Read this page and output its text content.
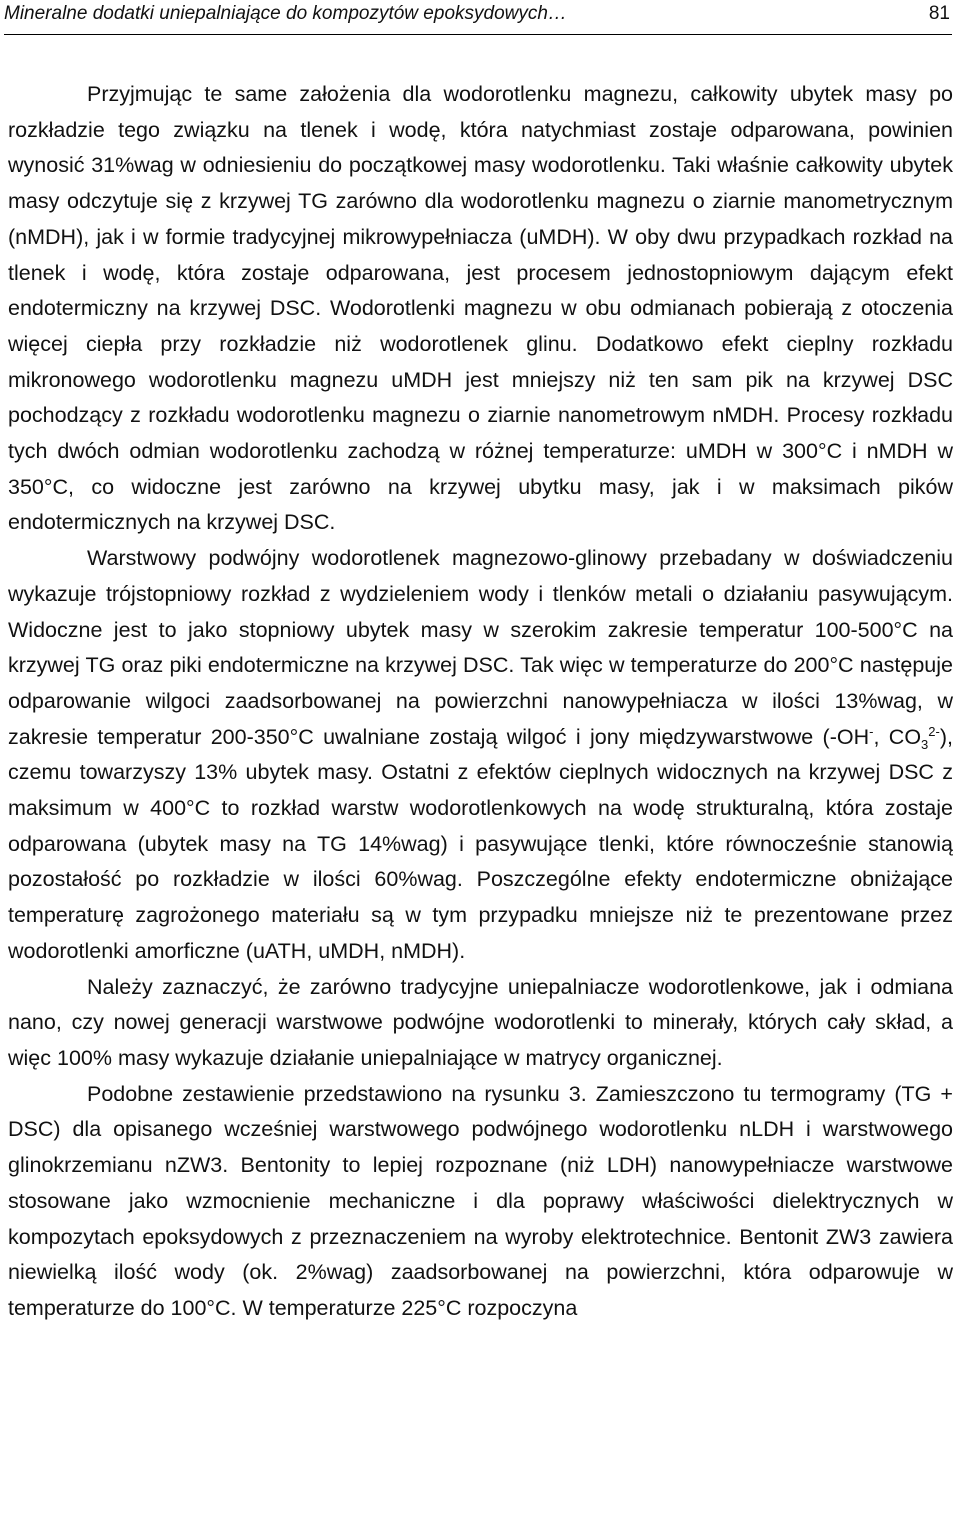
Mineralne dodatki uniepalniające do kompozytów epoksydowych…	81

Przyjmując te same założenia dla wodorotlenku magnezu, całkowity ubytek masy po rozkładzie tego związku na tlenek i wodę, która natychmiast zostaje odparowana, powinien wynosić 31%wag w odniesieniu do początkowej masy wodorotlenku. Taki właśnie całkowity ubytek masy odczytuje się z krzywej TG zarówno dla wodorotlenku magnezu o ziarnie manometrycznym (nMDH), jak i w formie tradycyjnej mikrowypełniacza (uMDH). W oby dwu przypadkach rozkład na tlenek i wodę, która zostaje odparowana, jest procesem jednostopniowym dającym efekt endotermiczny na krzywej DSC. Wodorotlenki magnezu w obu odmianach pobierają z otoczenia więcej ciepła przy rozkładzie niż wodorotlenek glinu. Dodatkowo efekt cieplny rozkładu mikronowego wodorotlenku magnezu uMDH jest mniejszy niż ten sam pik na krzywej DSC pochodzący z rozkładu wodorotlenku magnezu o ziarnie nanometrowym nMDH. Procesy rozkładu tych dwóch odmian wodorotlenku zachodzą w różnej temperaturze: uMDH w 300°C i nMDH w 350°C, co widoczne jest zarówno na krzywej ubytku masy, jak i w maksimach pików endotermicznych na krzywej DSC.

Warstwowy podwójny wodorotlenek magnezowo-glinowy przebadany w doświadczeniu wykazuje trójstopniowy rozkład z wydzieleniem wody i tlenków metali o działaniu pasywującym. Widoczne jest to jako stopniowy ubytek masy w szerokim zakresie temperatur 100-500°C na krzywej TG oraz piki endotermiczne na krzywej DSC. Tak więc w temperaturze do 200°C następuje odparowanie wilgoci zaadsorbowanej na powierzchni nanowypełniacza w ilości 13%wag, w zakresie temperatur 200-350°C uwalniane zostają wilgoć i jony międzywarstwowe (-OH-, $CO_3^{2-}$), czemu towarzyszy 13% ubytek masy. Ostatni z efektów cieplnych widocznych na krzywej DSC z maksimum w 400°C to rozkład warstw wodorotlenkowych na wodę strukturalną, która zostaje odparowana (ubytek masy na TG 14%wag) i pasywujące tlenki, które równocześnie stanowią pozostałość po rozkładzie w ilości 60%wag. Poszczególne efekty endotermiczne obniżające temperaturę zagrożonego materiału są w tym przypadku mniejsze niż te prezentowane przez wodorotlenki amorficzne (uATH, uMDH, nMDH).

Należy zaznaczyć, że zarówno tradycyjne uniepalniacze wodorotlenkowe, jak i odmiana nano, czy nowej generacji warstwowe podwójne wodorotlenki to minerały, których cały skład, a więc 100% masy wykazuje działanie uniepalniające w matrycy organicznej.

Podobne zestawienie przedstawiono na rysunku 3. Zamieszczono tu termogramy (TG + DSC) dla opisanego wcześniej warstwowego podwójnego wodorotlenku nLDH i warstwowego glinokrzemianu nZW3. Bentonity to lepiej rozpoznane (niż LDH) nanowypełniacze warstwowe stosowane jako wzmocnienie mechaniczne i dla poprawy właściwości dielektrycznych w kompozytach epoksydowych z przeznaczeniem na wyroby elektrotechnice. Bentonit ZW3 zawiera niewielką ilość wody (ok. 2%wag) zaadsorbowanej na powierzchni, która odparowuje w temperaturze do 100°C. W temperaturze 225°C rozpoczyna
